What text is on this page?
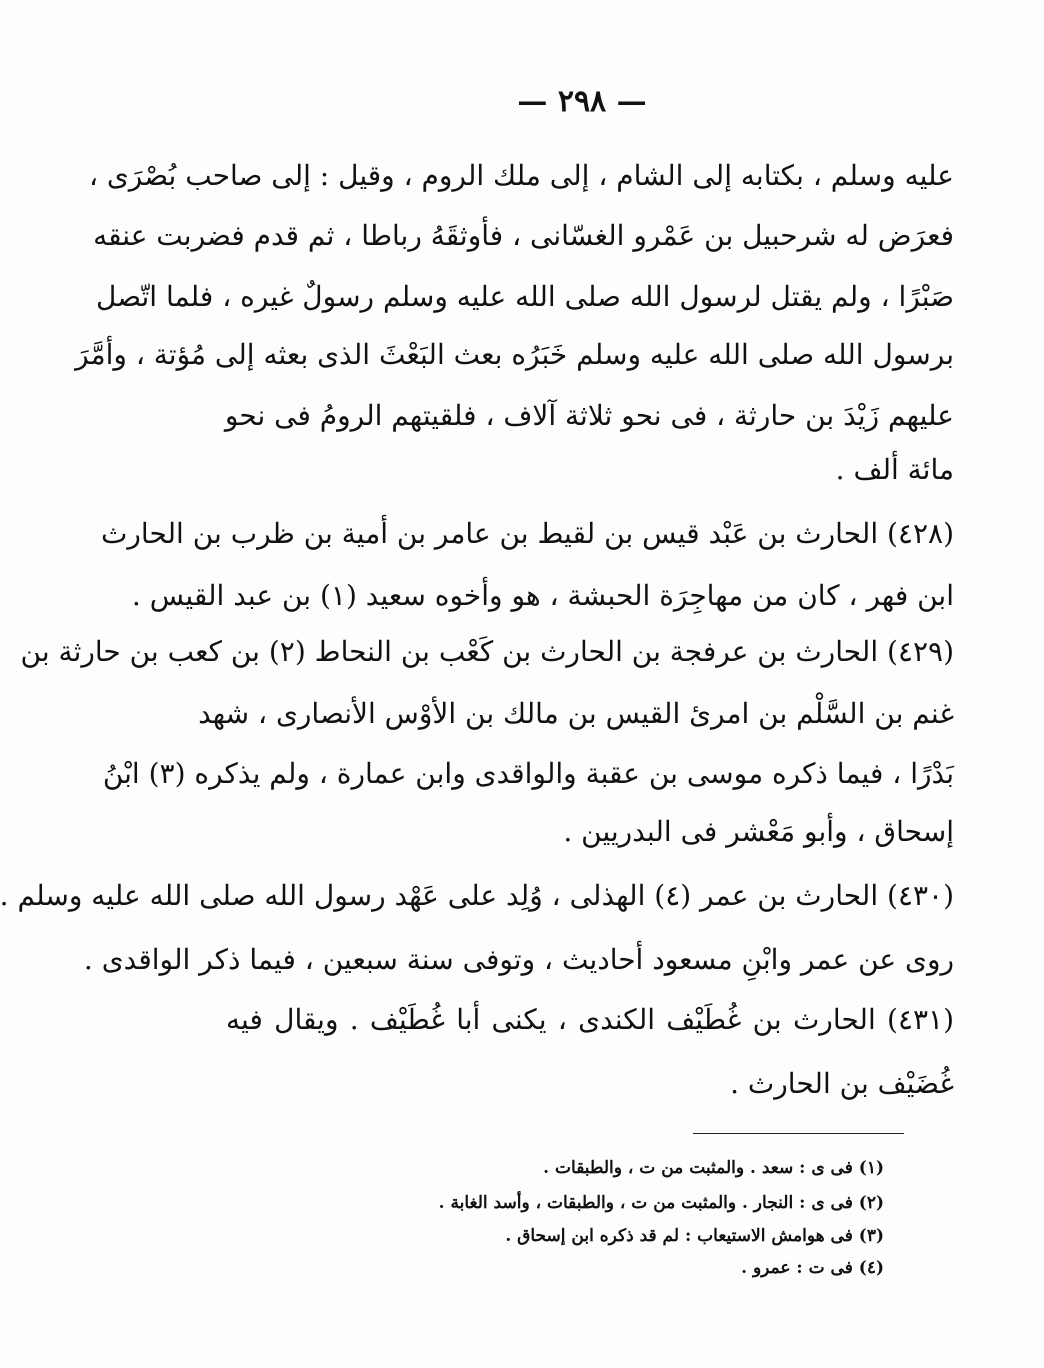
— ٢٩٨ —
عليه وسلم ، بكتابه إلى الشام ، إلى ملك الروم ، وقيل : إلى صاحب بُصْرَى ،
فعرَض له شرحبيل بن عَمْرو الغسّانى ، فأوثقَهُ رباطا ، ثم قدم فضربت عنقه
صَبْرًا ، ولم يقتل لرسول الله صلى الله عليه وسلم رسولٌ غيره ، فلما اتّصل
برسول الله صلى الله عليه وسلم خَبَرُه بعث البَعْثَ الذى بعثه إلى مُؤتة ، وأمَّرَ
عليهم زَيْدَ بن حارثة ، فى نحو ثلاثة آلاف ، فلقيتهم الرومُ فى نحو
مائة ألف .
(٤٢٨) الحارث بن عَبْد قيس بن لقيط بن عامر بن أمية بن ظرب بن الحارث
ابن فهر ، كان من مهاجِرَة الحبشة ، هو وأخوه سعيد (١) بن عبد القيس .
(٤٢٩) الحارث بن عرفجة بن الحارث بن كَعْب بن النحاط (٢) بن كعب بن حارثة بن
غنم بن السَّلْم بن امرئ القيس بن مالك بن الأوْس الأنصارى ، شهد
بَدْرًا ، فيما ذكره موسى بن عقبة والواقدى وابن عمارة ، ولم يذكره (٣) ابْنُ
إسحاق ، وأبو مَعْشر فى البدريين .
(٤٣٠) الحارث بن عمر (٤) الهذلى ، وُلِد على عَهْد رسول الله صلى الله عليه وسلم .
روى عن عمر وابْنِ مسعود أحاديث ، وتوفى سنة سبعين ، فيما ذكر الواقدى .
(٤٣١) الحارث بن غُطَيْف الكندى ، يكنى أبا غُطَيْف . ويقال فيه
غُضَيْف بن الحارث .
(١) فى ى : سعد . والمثبت من ت ، والطبقات .
(٢) فى ى : النجار . والمثبت من ت ، والطبقات ، وأسد الغابة .
(٣) فى هوامش الاستيعاب : لم قد ذكره ابن إسحاق .
(٤) فى ت : عمرو .
